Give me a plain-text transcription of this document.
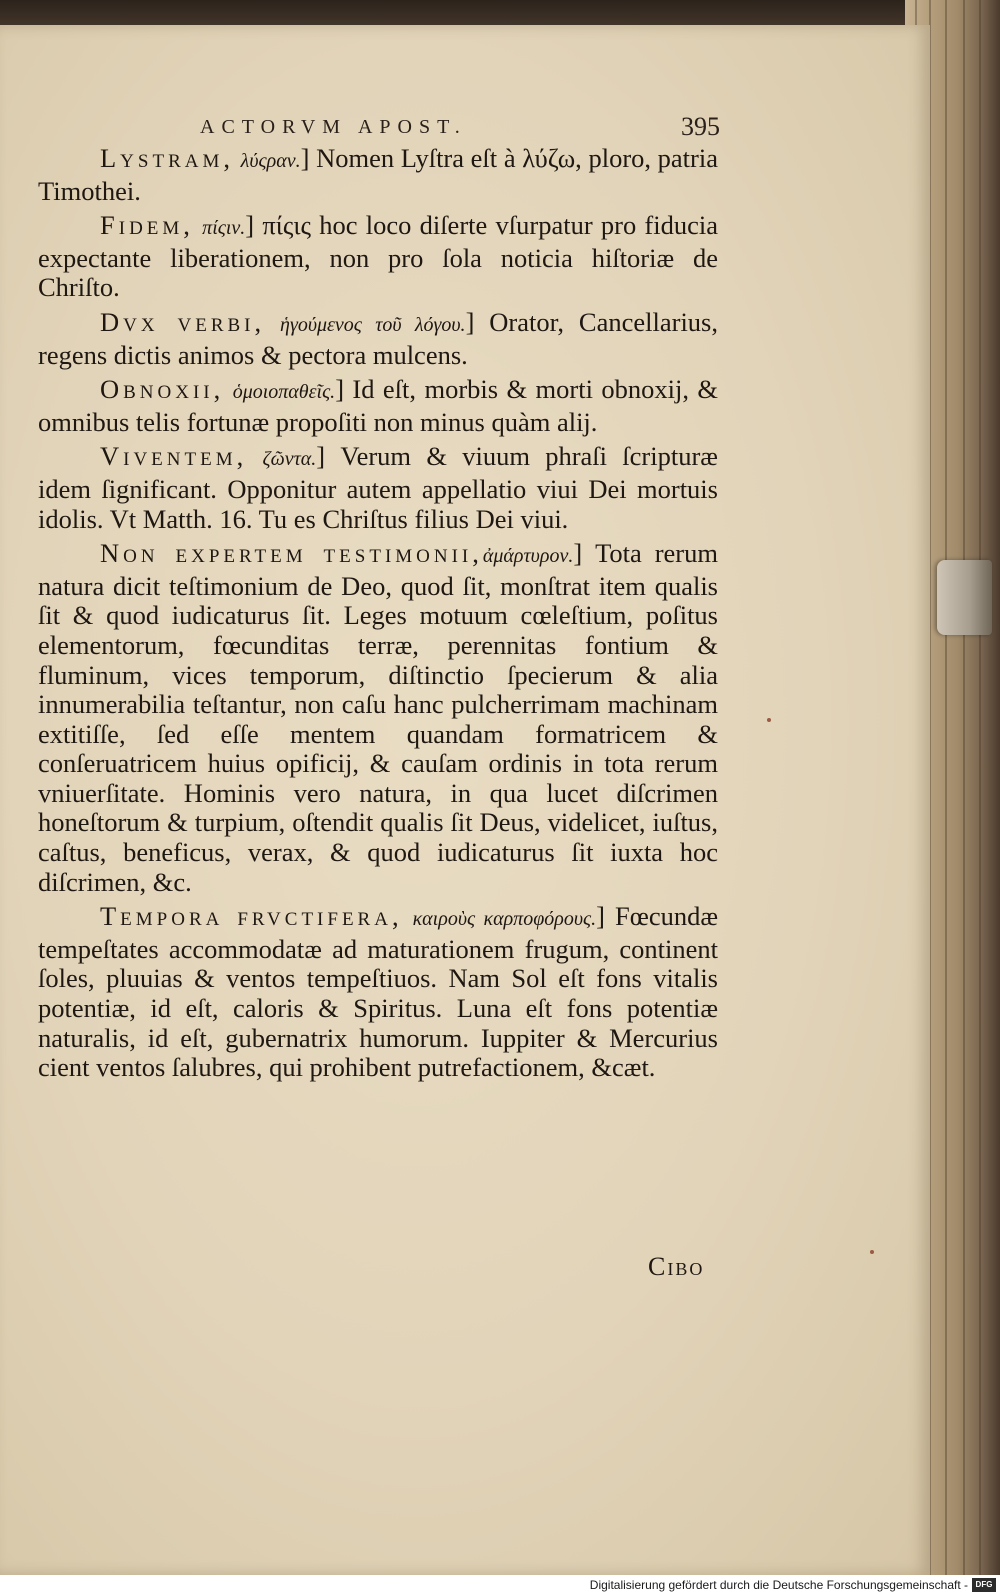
ACTORVM APOST.	395

Lystram, λύςραν.] Nomen Lyſtra eſt à λύζω, ploro, patria Timothei.

Fidem, πίςιν.] πίςις hoc loco diſerte vſurpatur pro fiducia expectante liberationem, non pro ſola noticia hiſtoriæ de Chriſto.

Dvx verbi, ἡγούμενος τοῦ λόγου.] Orator, Cancellarius, regens dictis animos & pectora mulcens.

Obnoxii, ὁμοιοπαθεῖς.] Id eſt, morbis & morti obnoxij, & omnibus telis fortunæ propoſiti non minus quàm alij.

Viventem, ζῶντα.] Verum & viuum phraſi ſcripturæ idem ſignificant. Opponitur autem appellatio viui Dei mortuis idolis. Vt Matth. 16. Tu es Chriſtus filius Dei viui.

Non expertem testimonii,ἀμάρτυρον.] Tota rerum natura dicit teſtimonium de Deo, quod ſit, monſtrat item qualis ſit & quod iudicaturus ſit. Leges motuum cœleſtium, poſitus elementorum, fœcunditas terræ, perennitas fontium & fluminum, vices temporum, diſtinctio ſpecierum & alia innumerabilia teſtantur, non caſu hanc pulcherrimam machinam extitiſſe, ſed eſſe mentem quandam formatricem & conſeruatricem huius opificij, & cauſam ordinis in tota rerum vniuerſitate. Hominis vero natura, in qua lucet diſcrimen honeſtorum & turpium, oſtendit qualis ſit Deus, videlicet, iuſtus, caſtus, beneficus, verax, & quod iudicaturus ſit iuxta hoc diſcrimen, &c.

Tempora frvctifera, καιροὺς καρποφόρους.] Fœcundæ tempeſtates accommodatæ ad maturationem frugum, continent ſoles, pluuias & ventos tempeſtiuos. Nam Sol eſt fons vitalis potentiæ, id eſt, caloris & Spiritus. Luna eſt fons potentiæ naturalis, id eſt, gubernatrix humorum. Iuppiter & Mercurius cient ventos ſalubres, qui prohibent putrefactionem, &cæt.

Cibo
Digitalisierung gefördert durch die Deutsche Forschungsgemeinschaft - DFG
